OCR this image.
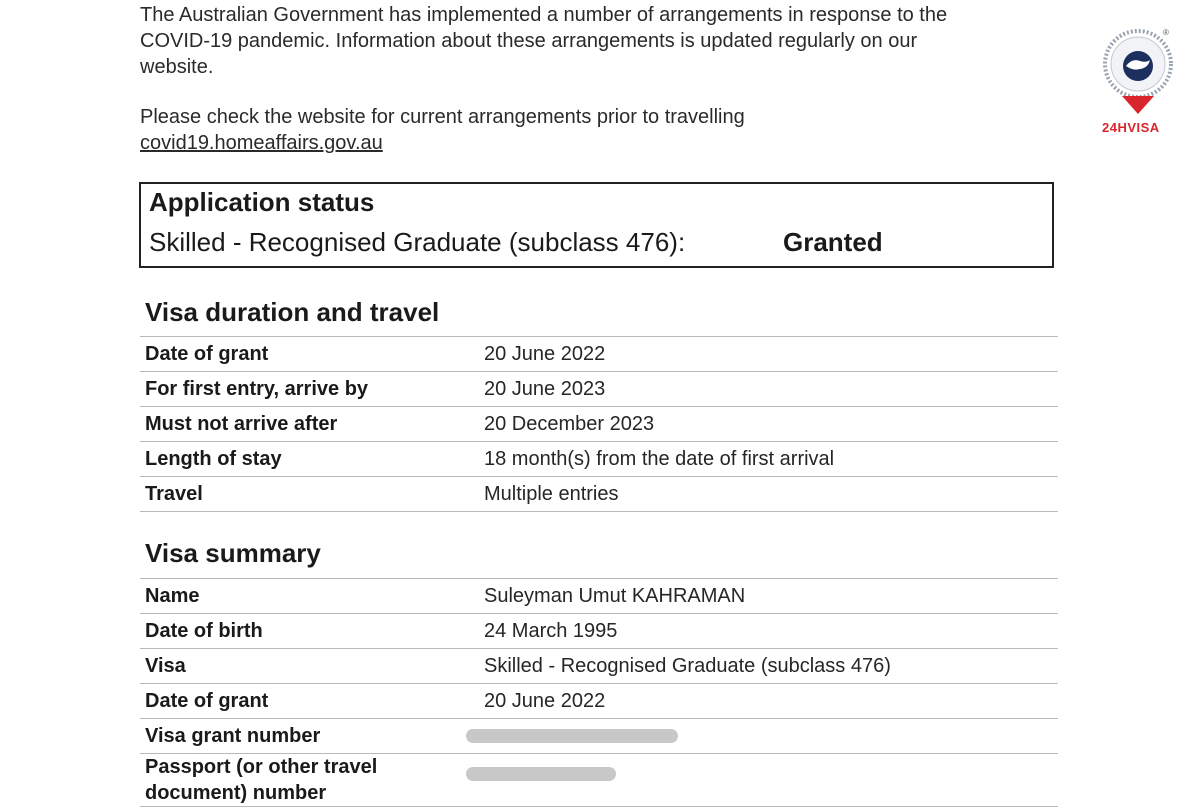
The Australian Government has implemented a number of arrangements in response to the
COVID-19 pandemic. Information about these arrangements is updated regularly on our
website.
Please check the website for current arrangements prior to travelling
covid19.homeaffairs.gov.au
Application status
Skilled - Recognised Graduate (subclass 476):	Granted
Visa duration and travel
Date of grant	20 June 2022
For first entry, arrive by	20 June 2023
Must not arrive after	20 December 2023
Length of stay	18 month(s) from the date of first arrival
Travel	Multiple entries
Visa summary
Name	Suleyman Umut KAHRAMAN
Date of birth	24 March 1995
Visa	Skilled - Recognised Graduate (subclass 476)
Date of grant	20 June 2022
Visa grant number	
Passport (or other travel document) number	
®
24HVISA
